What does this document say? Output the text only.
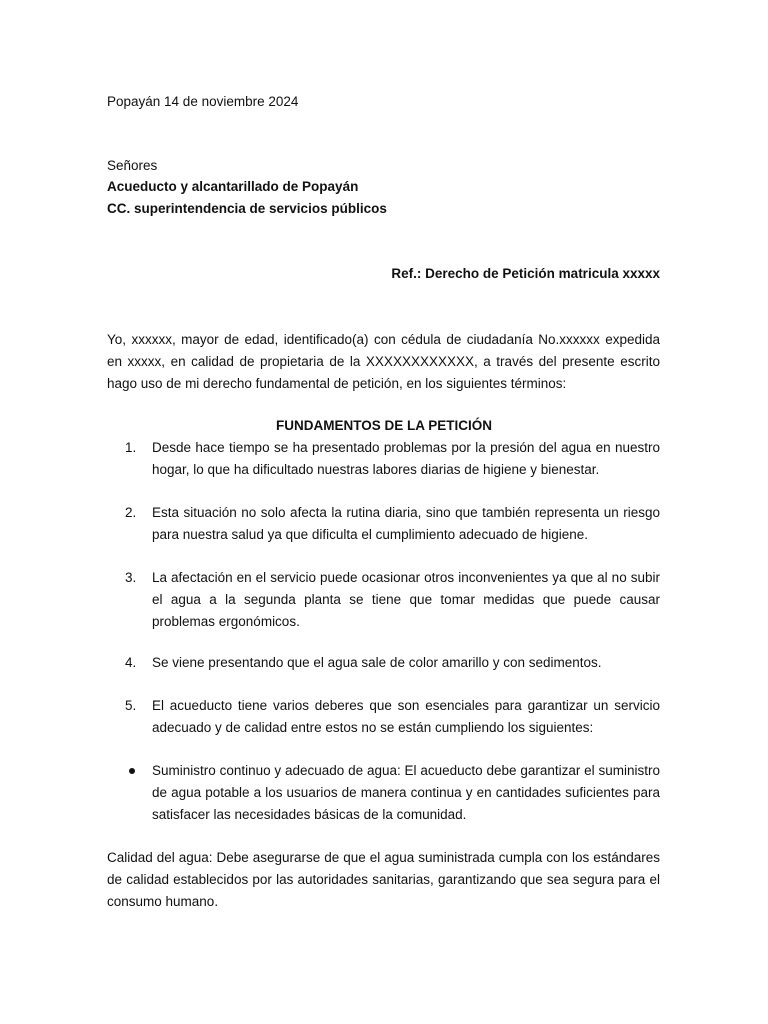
Popayán 14 de noviembre 2024
Señores
Acueducto y alcantarillado de Popayán
CC. superintendencia de servicios públicos
Ref.: Derecho de Petición matricula xxxxx
Yo, xxxxxx, mayor de edad, identificado(a) con cédula de ciudadanía No.xxxxxx expedida en xxxxx, en calidad de propietaria de la XXXXXXXXXXXX, a través del presente escrito hago uso de mi derecho fundamental de petición, en los siguientes términos:
FUNDAMENTOS DE LA PETICIÓN
1. Desde hace tiempo se ha presentado problemas por la presión del agua en nuestro hogar, lo que ha dificultado nuestras labores diarias de higiene y bienestar.
2. Esta situación no solo afecta la rutina diaria, sino que también representa un riesgo para nuestra salud ya que dificulta el cumplimiento adecuado de higiene.
3. La afectación en el servicio puede ocasionar otros inconvenientes ya que al no subir el agua a la segunda planta se tiene que tomar medidas que puede causar problemas ergonómicos.
4. Se viene presentando que el agua sale de color amarillo y con sedimentos.
5. El acueducto tiene varios deberes que son esenciales para garantizar un servicio adecuado y de calidad entre estos no se están cumpliendo los siguientes:
Suministro continuo y adecuado de agua: El acueducto debe garantizar el suministro de agua potable a los usuarios de manera continua y en cantidades suficientes para satisfacer las necesidades básicas de la comunidad.
Calidad del agua: Debe asegurarse de que el agua suministrada cumpla con los estándares de calidad establecidos por las autoridades sanitarias, garantizando que sea segura para el consumo humano.
